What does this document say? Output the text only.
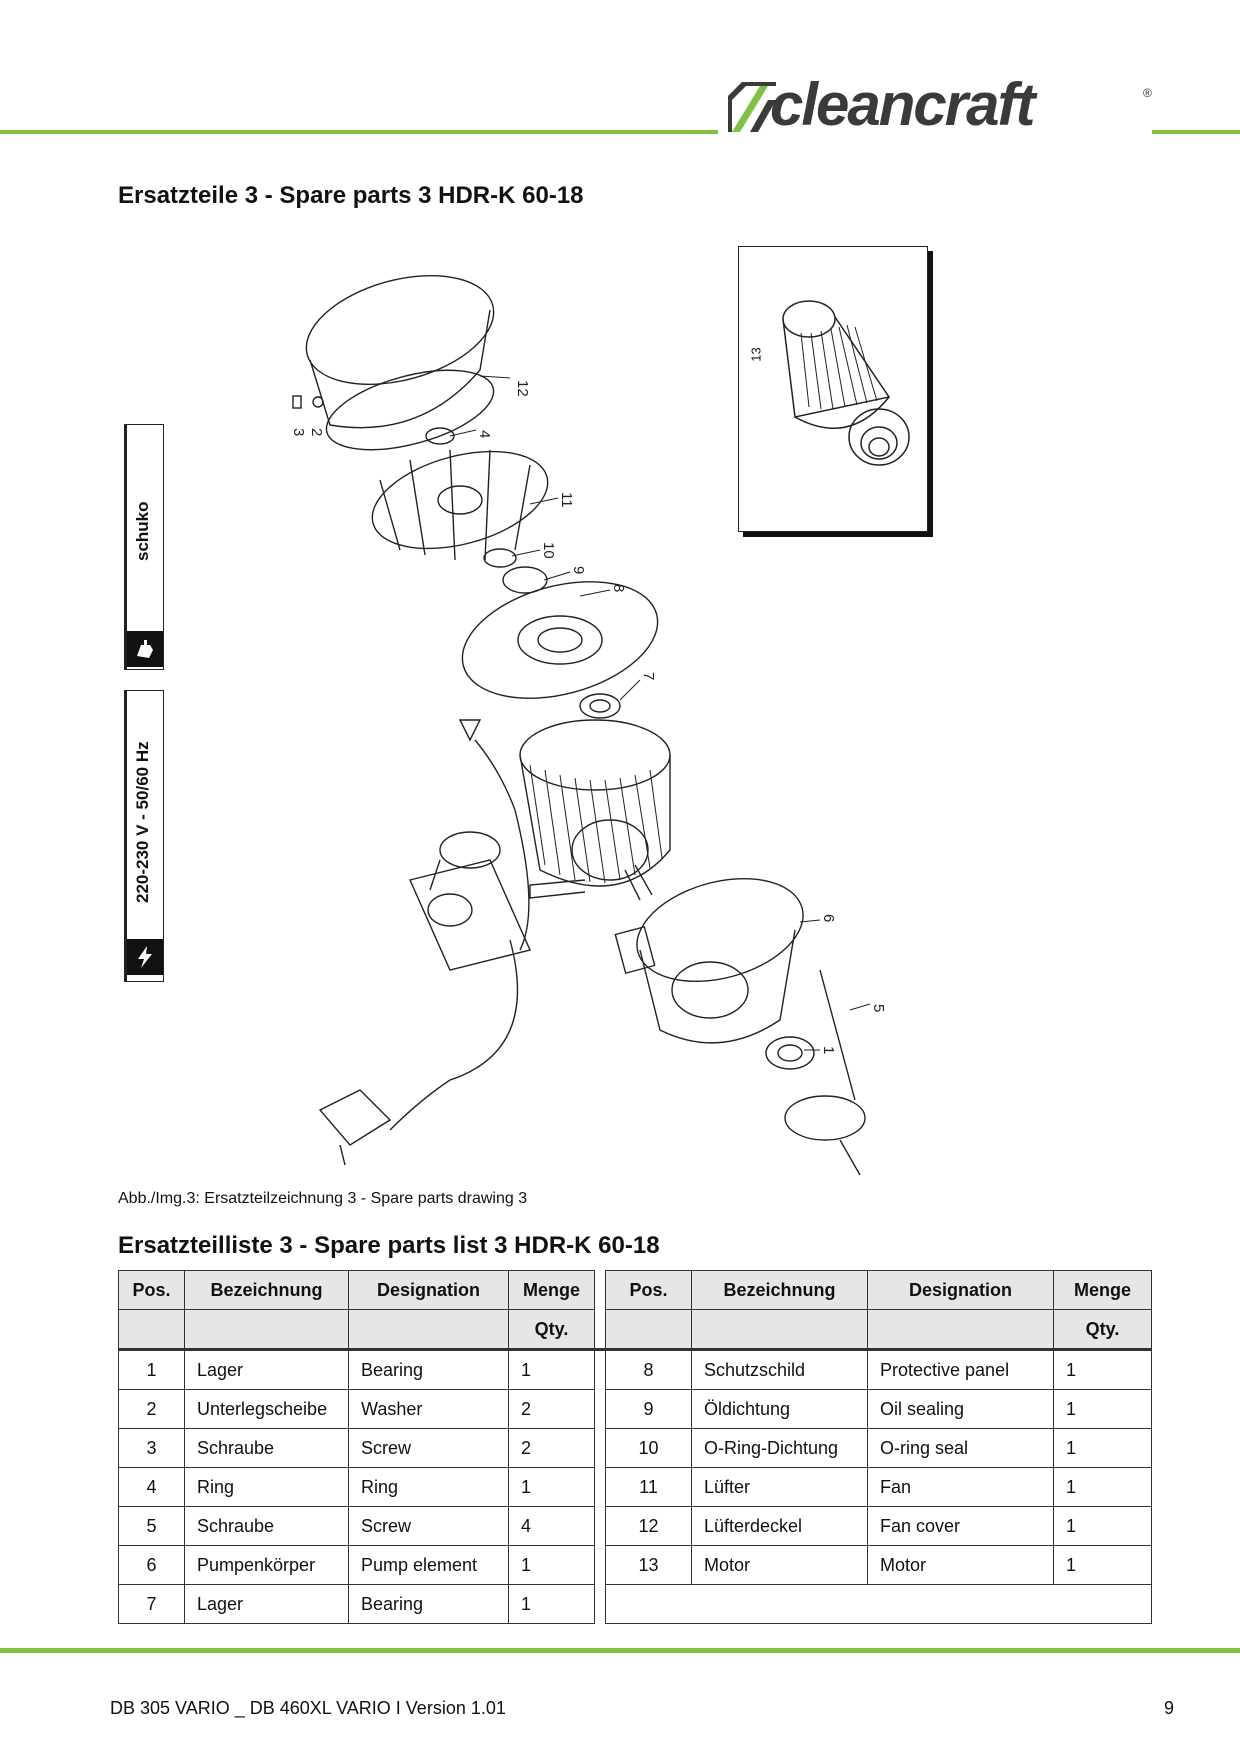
cleancraft	®
Ersatzteile 3 - Spare parts 3 HDR-K 60-18
schuko
220-230 V - 50/60 Hz
13
12
3 2	4
11
10
9
8
7
6
5
1
Abb./Img.3: Ersatzteilzeichnung 3 - Spare parts drawing 3
Ersatzteilliste 3 - Spare parts list 3 HDR-K 60-18
Pos.	Bezeichnung	Designation	Menge		Pos.	Bezeichnung	Designation	Menge
			Qty.					Qty.
1	Lager	Bearing	1		8	Schutzschild	Protective panel	1
2	Unterlegscheibe	Washer	2		9	Öldichtung	Oil sealing	1
3	Schraube	Screw	2		10	O-Ring-Dichtung	O-ring seal	1
4	Ring	Ring	1		11	Lüfter	Fan	1
5	Schraube	Screw	4		12	Lüfterdeckel	Fan cover	1
6	Pumpenkörper	Pump element	1		13	Motor	Motor	1
7	Lager	Bearing	1					
DB 305 VARIO _ DB 460XL VARIO I Version 1.01	9
